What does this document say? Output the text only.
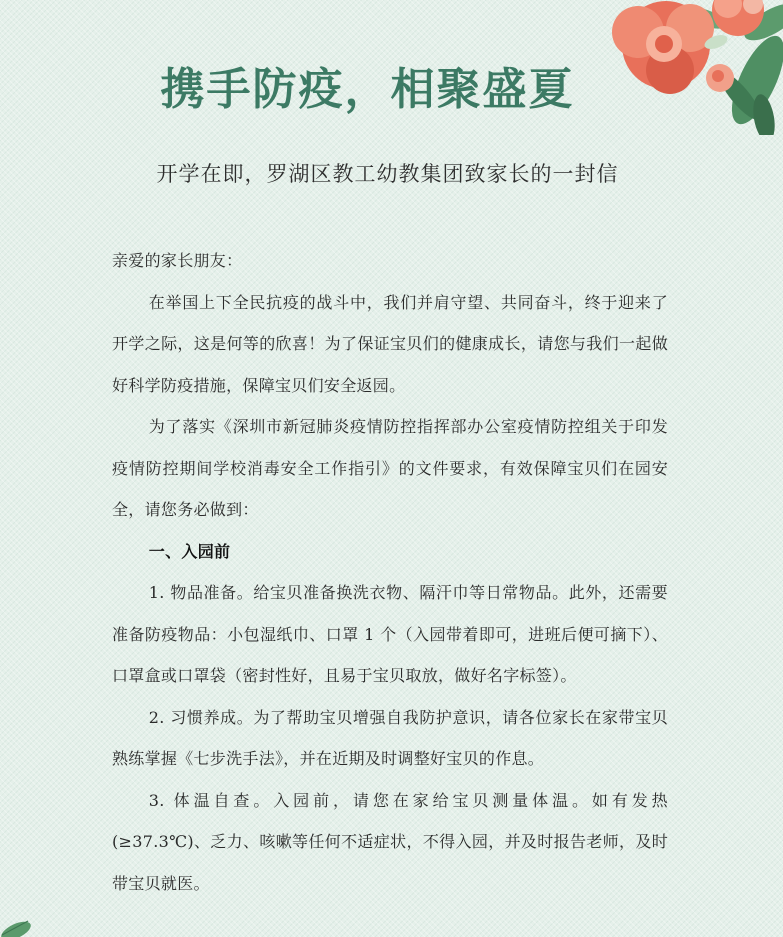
携手防疫，相聚盛夏
开学在即，罗湖区教工幼教集团致家长的一封信

亲爱的家长朋友：

在举国上下全民抗疫的战斗中，我们并肩守望、共同奋斗，终于迎来了开学之际，这是何等的欣喜！为了保证宝贝们的健康成长，请您与我们一起做好科学防疫措施，保障宝贝们安全返园。

为了落实《深圳市新冠肺炎疫情防控指挥部办公室疫情防控组关于印发疫情防控期间学校消毒安全工作指引》的文件要求，有效保障宝贝们在园安全，请您务必做到：

一、入园前

1. 物品准备。给宝贝准备换洗衣物、隔汗巾等日常物品。此外，还需要准备防疫物品：小包湿纸巾、口罩 1 个（入园带着即可，进班后便可摘下）、口罩盒或口罩袋（密封性好，且易于宝贝取放，做好名字标签）。

2. 习惯养成。为了帮助宝贝增强自我防护意识，请各位家长在家带宝贝熟练掌握《七步洗手法》，并在近期及时调整好宝贝的作息。

3. 体温自查。入园前，请您在家给宝贝测量体温。如有发热(≥37.3℃)、乏力、咳嗽等任何不适症状，不得入园，并及时报告老师，及时带宝贝就医。
